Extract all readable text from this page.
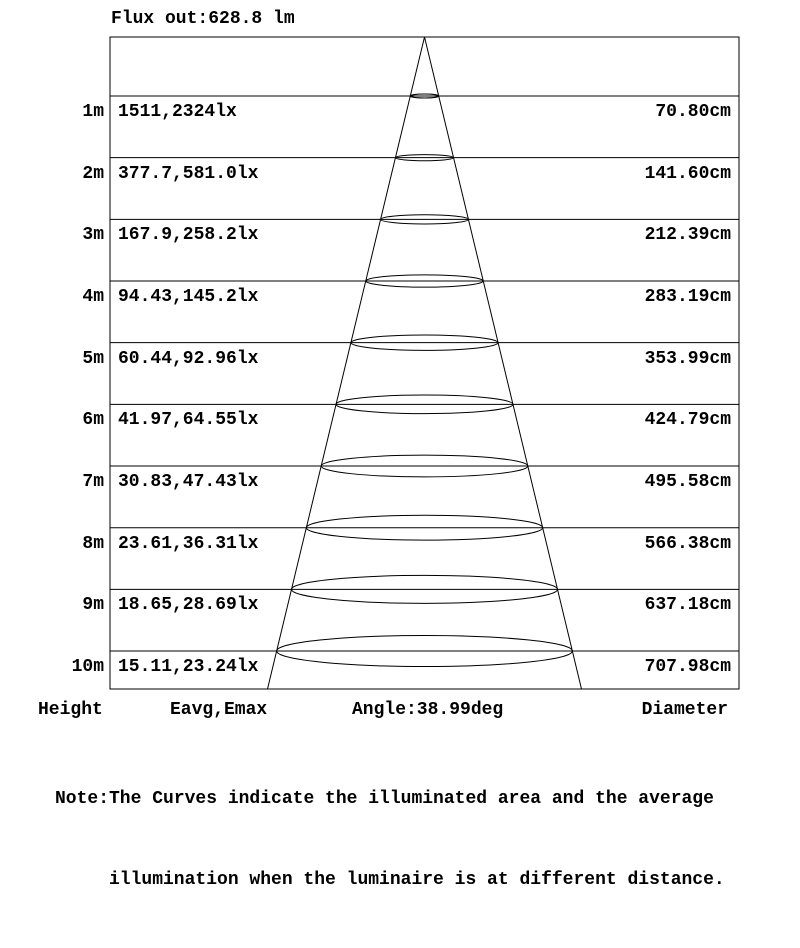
Flux out:628.8 lm
1m 1511,2324lx	70.80cm
2m 377.7,581.0lx	141.60cm
3m 167.9,258.2lx	212.39cm
4m 94.43,145.2lx	283.19cm
5m 60.44,92.96lx	353.99cm
6m 41.97,64.55lx	424.79cm
7m 30.83,47.43lx	495.58cm
8m 23.61,36.31lx	566.38cm
9m 18.65,28.69lx	637.18cm
10m 15.11,23.24lx	707.98cm
Height	Eavg,Emax	Angle:38.99deg	Diameter

Note:The Curves indicate the illuminated area and the average

illumination when the luminaire is at different distance.
